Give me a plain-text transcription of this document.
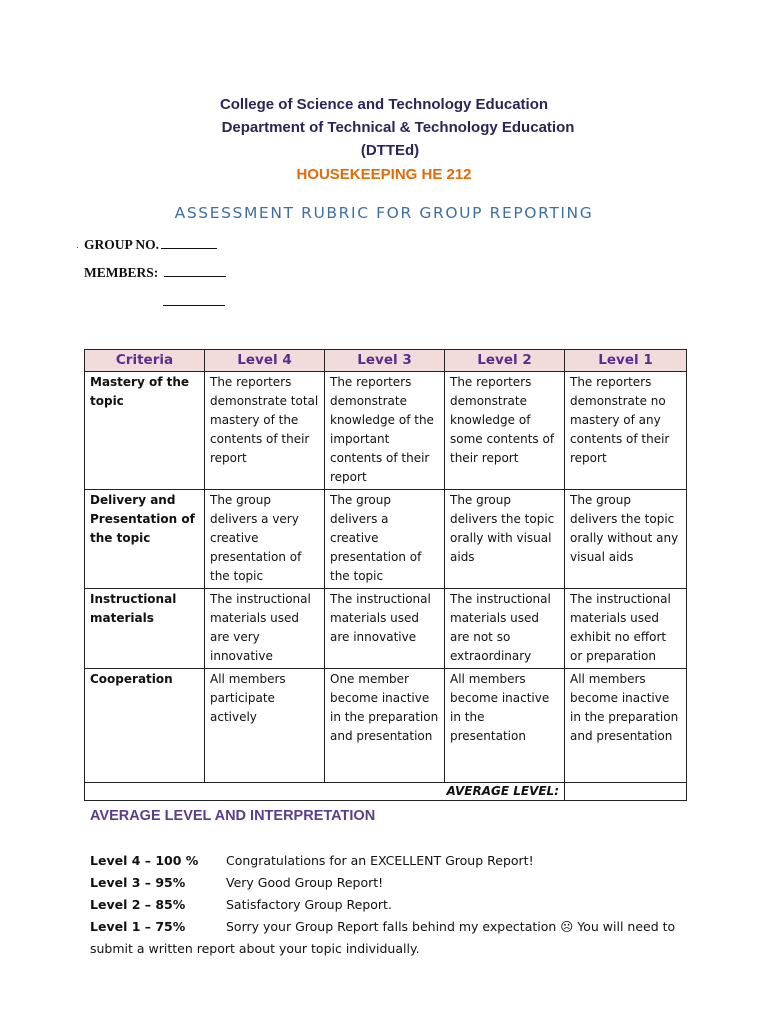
College of Science and Technology Education
Department of Technical & Technology Education
(DTTEd)
HOUSEKEEPING HE 212
ASSESSMENT RUBRIC FOR GROUP REPORTING
. GROUP NO.
MEMBERS:
Criteria	Level 4	Level 3	Level 2	Level 1
Mastery of the topic	The reporters demonstrate total mastery of the contents of their report	The reporters demonstrate knowledge of the important contents of their report	The reporters demonstrate knowledge of some contents of their report	The reporters demonstrate no mastery of any contents of their report
Delivery and Presentation of the topic	The group delivers a very creative presentation of the topic	The group delivers a creative presentation of the topic	The group delivers the topic orally with visual aids	The group delivers the topic orally without any visual aids
Instructional materials	The instructional materials used are very innovative	The instructional materials used are innovative	The instructional materials used are not so extraordinary	The instructional materials used exhibit no effort or preparation
Cooperation	All members participate actively	One member become inactive in the preparation and presentation	All members become inactive in the presentation	All members become inactive in the preparation and presentation
AVERAGE LEVEL:				
AVERAGE LEVEL AND INTERPRETATION
Level 4 – 100 % Congratulations for an EXCELLENT Group Report!
Level 3 – 95%	Very Good Group Report!
Level 2 – 85%	Satisfactory Group Report.
Level 1 – 75%	Sorry your Group Report falls behind my expectation ☹ You will need to
submit a written report about your topic individually.
